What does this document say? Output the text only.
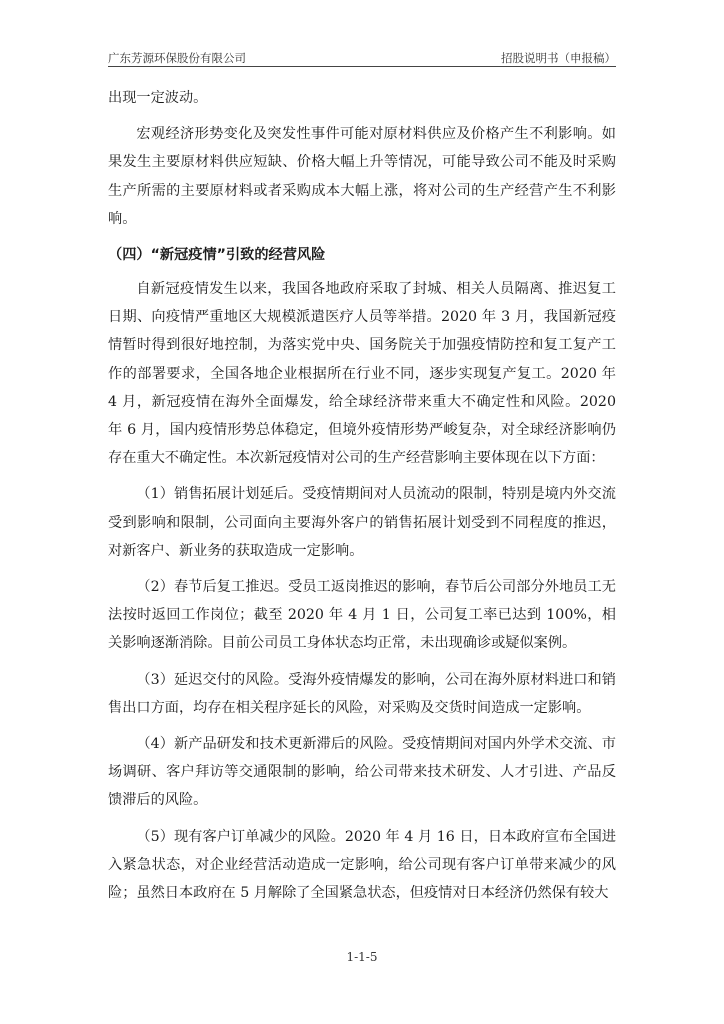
广东芳源环保股份有限公司	招股说明书（申报稿）

出现一定波动。

宏观经济形势变化及突发性事件可能对原材料供应及价格产生不利影响。如果发生主要原材料供应短缺、价格大幅上升等情况，可能导致公司不能及时采购生产所需的主要原材料或者采购成本大幅上涨，将对公司的生产经营产生不利影响。

（四）“新冠疫情”引致的经营风险

自新冠疫情发生以来，我国各地政府采取了封城、相关人员隔离、推迟复工日期、向疫情严重地区大规模派遣医疗人员等举措。2020 年 3 月，我国新冠疫情暂时得到很好地控制，为落实党中央、国务院关于加强疫情防控和复工复产工作的部署要求，全国各地企业根据所在行业不同，逐步实现复产复工。2020 年 4 月，新冠疫情在海外全面爆发，给全球经济带来重大不确定性和风险。2020 年 6 月，国内疫情形势总体稳定，但境外疫情形势严峻复杂，对全球经济影响仍存在重大不确定性。本次新冠疫情对公司的生产经营影响主要体现在以下方面：

（1）销售拓展计划延后。受疫情期间对人员流动的限制，特别是境内外交流受到影响和限制，公司面向主要海外客户的销售拓展计划受到不同程度的推迟，对新客户、新业务的获取造成一定影响。

（2）春节后复工推迟。受员工返岗推迟的影响，春节后公司部分外地员工无法按时返回工作岗位；截至 2020 年 4 月 1 日，公司复工率已达到 100%，相关影响逐渐消除。目前公司员工身体状态均正常，未出现确诊或疑似案例。

（3）延迟交付的风险。受海外疫情爆发的影响，公司在海外原材料进口和销售出口方面，均存在相关程序延长的风险，对采购及交货时间造成一定影响。

（4）新产品研发和技术更新滞后的风险。受疫情期间对国内外学术交流、市场调研、客户拜访等交通限制的影响，给公司带来技术研发、人才引进、产品反馈滞后的风险。

（5）现有客户订单减少的风险。2020 年 4 月 16 日，日本政府宣布全国进入紧急状态，对企业经营活动造成一定影响，给公司现有客户订单带来减少的风险；虽然日本政府在 5 月解除了全国紧急状态，但疫情对日本经济仍然保有较大

1-1-5
